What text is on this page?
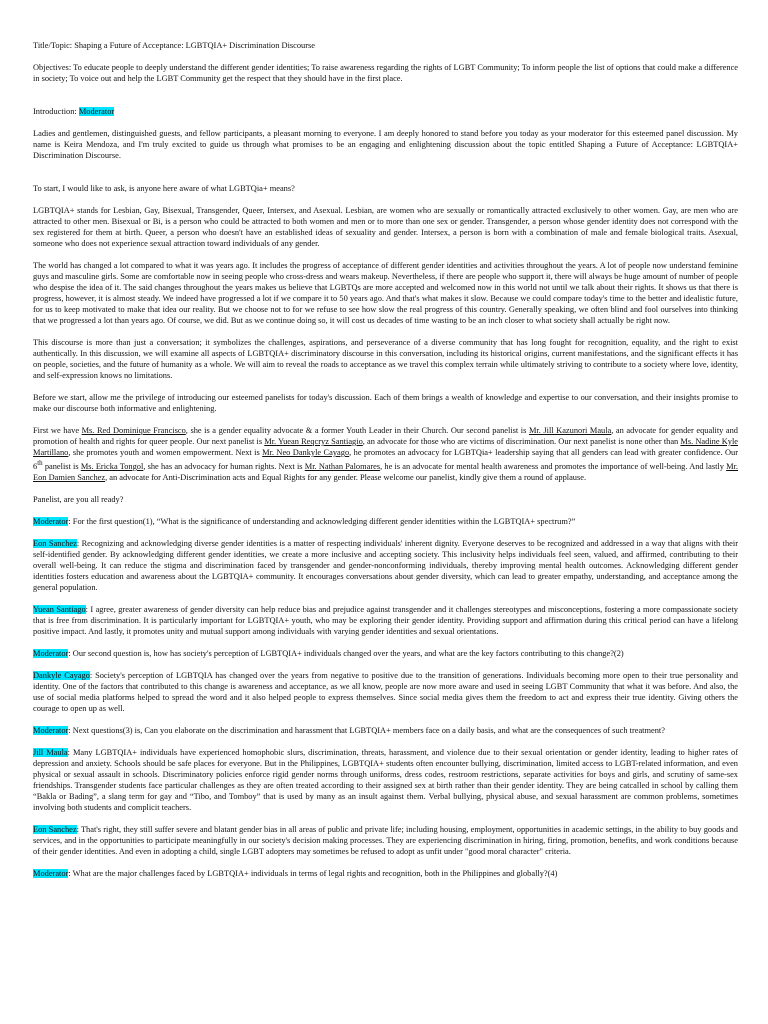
Title/Topic: Shaping a Future of Acceptance: LGBTQIA+ Discrimination Discourse

Objectives: To educate people to deeply understand the different gender identities; To raise awareness regarding the rights of LGBT Community; To inform people the list of options that could make a difference in society; To voice out and help the LGBT Community get the respect that they should have in the first place.

Introduction: Moderator

Ladies and gentlemen, distinguished guests, and fellow participants, a pleasant morning to everyone. I am deeply honored to stand before you today as your moderator for this esteemed panel discussion. My name is Keira Mendoza, and I'm truly excited to guide us through what promises to be an engaging and enlightening discussion about the topic entitled Shaping a Future of Acceptance: LGBTQIA+ Discrimination Discourse.

To start, I would like to ask, is anyone here aware of what LGBTQia+ means?

LGBTQIA+ stands for Lesbian, Gay, Bisexual, Transgender, Queer, Intersex, and Asexual. Lesbian, are women who are sexually or romantically attracted exclusively to other women. Gay, are men who are attracted to other men. Bisexual or Bi, is a person who could be attracted to both women and men or to more than one sex or gender. Transgender, a person whose gender identity does not correspond with the sex registered for them at birth. Queer, a person who doesn't have an established ideas of sexuality and gender. Intersex, a person is born with a combination of male and female biological traits. Asexual, someone who does not experience sexual attraction toward individuals of any gender.

The world has changed a lot compared to what it was years ago. It includes the progress of acceptance of different gender identities and activities throughout the years. A lot of people now understand feminine guys and masculine girls. Some are comfortable now in seeing people who cross-dress and wears makeup. Nevertheless, if there are people who support it, there will always be huge amount of number of people who despise the idea of it. The said changes throughout the years makes us believe that LGBTQs are more accepted and welcomed now in this world not until we talk about their rights. It shows us that there is progress, however, it is almost steady. We indeed have progressed a lot if we compare it to 50 years ago. And that's what makes it slow. Because we could compare today's time to the better and idealistic future, for us to keep motivated to make that idea our reality. But we choose not to for we refuse to see how slow the real progress of this country. Generally speaking, we often blind and fool ourselves into thinking that we progressed a lot than years ago. Of course, we did. But as we continue doing so, it will cost us decades of time wasting to be an inch closer to what society shall actually be right now.

This discourse is more than just a conversation; it symbolizes the challenges, aspirations, and perseverance of a diverse community that has long fought for recognition, equality, and the right to exist authentically. In this discussion, we will examine all aspects of LGBTQIA+ discriminatory discourse in this conversation, including its historical origins, current manifestations, and the significant effects it has on people, societies, and the future of humanity as a whole. We will aim to reveal the roads to acceptance as we travel this complex terrain while ultimately striving to contribute to a society where love, identity, and self-expression knows no limitations.

Before we start, allow me the privilege of introducing our esteemed panelists for today's discussion. Each of them brings a wealth of knowledge and expertise to our conversation, and their insights promise to make our discourse both informative and enlightening.

First we have Ms. Red Dominique Francisco, she is a gender equality advocate & a former Youth Leader in their Church. Our second panelist is Mr. Jill Kazunori Maula, an advocate for gender equality and promotion of health and rights for queer people. Our next panelist is Mr. Yuean Reqcryz Santiagio, an advocate for those who are victims of discrimination. Our next panelist is none other than Ms. Nadine Kyle Martillano, she promotes youth and women empowerment. Next is Mr. Neo Dankyle Cayago, he promotes an advocacy for LGBTQia+ leadership saying that all genders can lead with greater confidence. Our 6th panelist is Ms. Ericka Tongol, she has an advocacy for human rights. Next is Mr. Nathan Palomares, he is an advocate for mental health awareness and promotes the importance of well-being. And lastly Mr. Eon Damien Sanchez, an advocate for Anti-Discrimination acts and Equal Rights for any gender. Please welcome our panelist, kindly give them a round of applause.

Panelist, are you all ready?

Moderator: For the first question(1), “What is the significance of understanding and acknowledging different gender identities within the LGBTQIA+ spectrum?”

Eon Sanchez: Recognizing and acknowledging diverse gender identities is a matter of respecting individuals' inherent dignity. Everyone deserves to be recognized and addressed in a way that aligns with their self-identified gender. By acknowledging different gender identities, we create a more inclusive and accepting society. This inclusivity helps individuals feel seen, valued, and affirmed, contributing to their overall well-being. It can reduce the stigma and discrimination faced by transgender and gender-nonconforming individuals, thereby improving mental health outcomes. Acknowledging different gender identities fosters education and awareness about the LGBTQIA+ community. It encourages conversations about gender diversity, which can lead to greater empathy, understanding, and acceptance among the general population.

Yuean Santiago: I agree, greater awareness of gender diversity can help reduce bias and prejudice against transgender and it challenges stereotypes and misconceptions, fostering a more compassionate society that is free from discrimination. It is particularly important for LGBTQIA+ youth, who may be exploring their gender identity. Providing support and affirmation during this critical period can have a lifelong positive impact. And lastly, it promotes unity and mutual support among individuals with varying gender identities and sexual orientations.

Moderator: Our second question is, how has society's perception of LGBTQIA+ individuals changed over the years, and what are the key factors contributing to this change?(2)

Dankyle Cayago: Society's perception of LGBTQIA has changed over the years from negative to positive due to the transition of generations. Individuals becoming more open to their true personality and identity. One of the factors that contributed to this change is awareness and acceptance, as we all know, people are now more aware and used in seeing LGBT Community that what it was before. And also, the use of social media platforms helped to spread the word and it also helped people to express themselves. Since social media gives them the freedom to act and express their true identity. Giving others the courage to open up as well.

Moderator: Next questions(3) is, Can you elaborate on the discrimination and harassment that LGBTQIA+ members face on a daily basis, and what are the consequences of such treatment?

Jill Maula: Many LGBTQIA+ individuals have experienced homophobic slurs, discrimination, threats, harassment, and violence due to their sexual orientation or gender identity, leading to higher rates of depression and anxiety. Schools should be safe places for everyone. But in the Philippines, LGBTQIA+ students often encounter bullying, discrimination, limited access to LGBT-related information, and even physical or sexual assault in schools. Discriminatory policies enforce rigid gender norms through uniforms, dress codes, restroom restrictions, separate activities for boys and girls, and scrutiny of same-sex friendships. Transgender students face particular challenges as they are often treated according to their assigned sex at birth rather than their gender identity. They are being catcalled in school by calling them “Bakla or Bading”, a slang term for gay and “Tibo, and Tomboy” that is used by many as an insult against them. Verbal bullying, physical abuse, and sexual harassment are common problems, sometimes involving both students and complicit teachers.

Eon Sanchez: That's right, they still suffer severe and blatant gender bias in all areas of public and private life; including housing, employment, opportunities in academic settings, in the ability to buy goods and services, and in the opportunities to participate meaningfully in our society's decision making processes. They are experiencing discrimination in hiring, firing, promotion, benefits, and work conditions because of their gender identities. And even in adopting a child, single LGBT adopters may sometimes be refused to adopt as unfit under "good moral character" criteria.

Moderator: What are the major challenges faced by LGBTQIA+ individuals in terms of legal rights and recognition, both in the Philippines and globally?(4)
